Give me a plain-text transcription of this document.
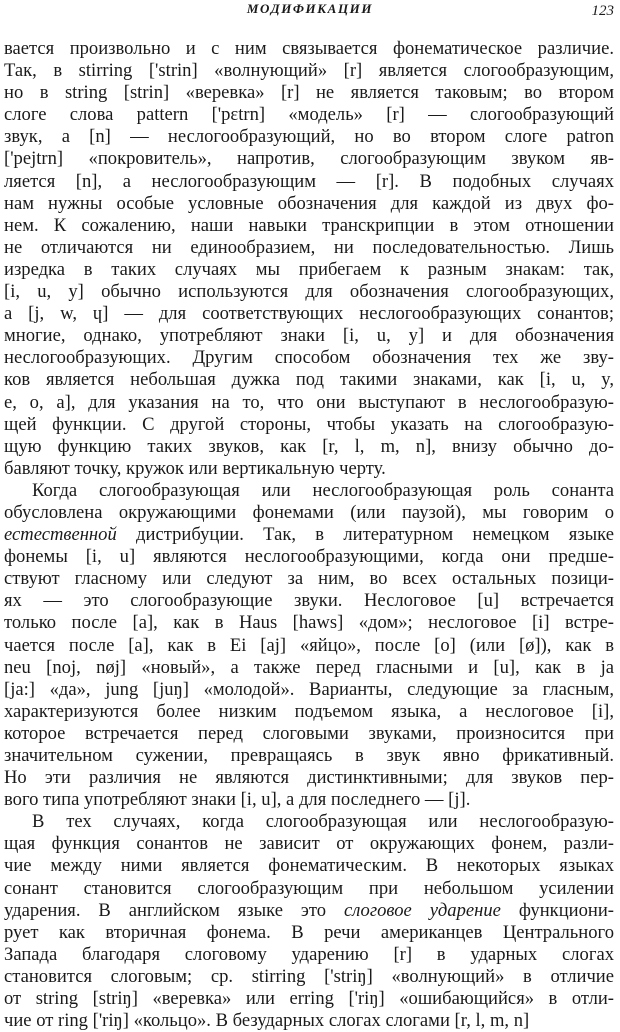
МОДИФИКАЦИИ	123
вается произвольно и с ним связывается фонематическое различие.
Так, в stirring ['strin] «волнующий» [r] является слогообразующим,
но в string [strin] «веревка» [r] не является таковым; во втором
слоге слова pattern ['pεtrn] «модель» [r] — слогообразующий
звук, а [n] — неслогообразующий, но во втором слоге patron
['pejtrn] «покровитель», напротив, слогообразующим звуком яв-
ляется [n], а неслогообразующим — [r]. В подобных случаях
нам нужны особые условные обозначения для каждой из двух фо-
нем. К сожалению, наши навыки транскрипции в этом отношении
не отличаются ни единообразием, ни последовательностью. Лишь
изредка в таких случаях мы прибегаем к разным знакам: так,
[i, u, y] обычно используются для обозначения слогообразующих,
а [j, w, ɥ] — для соответствующих неслогообразующих сонантов;
многие, однако, употребляют знаки [i, u, y] и для обозначения
неслогообразующих. Другим способом обозначения тех же зву-
ков является небольшая дужка под такими знаками, как [i, u, y,
e, o, a], для указания на то, что они выступают в неслогообразую-
щей функции. С другой стороны, чтобы указать на слогообразую-
щую функцию таких звуков, как [r, l, m, n], внизу обычно до-
бавляют точку, кружок или вертикальную черту.
Когда слогообразующая или неслогообразующая роль сонанта
обусловлена окружающими фонемами (или паузой), мы говорим о
естественной дистрибуции. Так, в литературном немецком языке
фонемы [i, u] являются неслогообразующими, когда они предше-
ствуют гласному или следуют за ним, во всех остальных позици-
ях — это слогообразующие звуки. Неслоговое [u] встречается
только после [a], как в Haus [haws] «дом»; неслоговое [i] встре-
чается после [a], как в Ei [aj] «яйцо», после [o] (или [ø]), как в
neu [noj, nøj] «новый», а также перед гласными и [u], как в ja
[ja:] «да», jung [juŋ] «молодой». Варианты, следующие за гласным,
характеризуются более низким подъемом языка, а неслоговое [i],
которое встречается перед слоговыми звуками, произносится при
значительном сужении, превращаясь в звук явно фрикативный.
Но эти различия не являются дистинктивными; для звуков пер-
вого типа употребляют знаки [i, u], а для последнего — [j].
В тех случаях, когда слогообразующая или неслогообразую-
щая функция сонантов не зависит от окружающих фонем, разли-
чие между ними является фонематическим. В некоторых языках
сонант становится слогообразующим при небольшом усилении
ударения. В английском языке это слоговое ударение функциони-
рует как вторичная фонема. В речи американцев Центрального
Запада благодаря слоговому ударению [r] в ударных слогах
становится слоговым; ср. stirring ['striŋ] «волнующий» в отличие
от string [striŋ] «веревка» или erring ['riŋ] «ошибающийся» в отли-
чие от ring ['riŋ] «кольцо». В безударных слогах слогами [r, l, m, n]
